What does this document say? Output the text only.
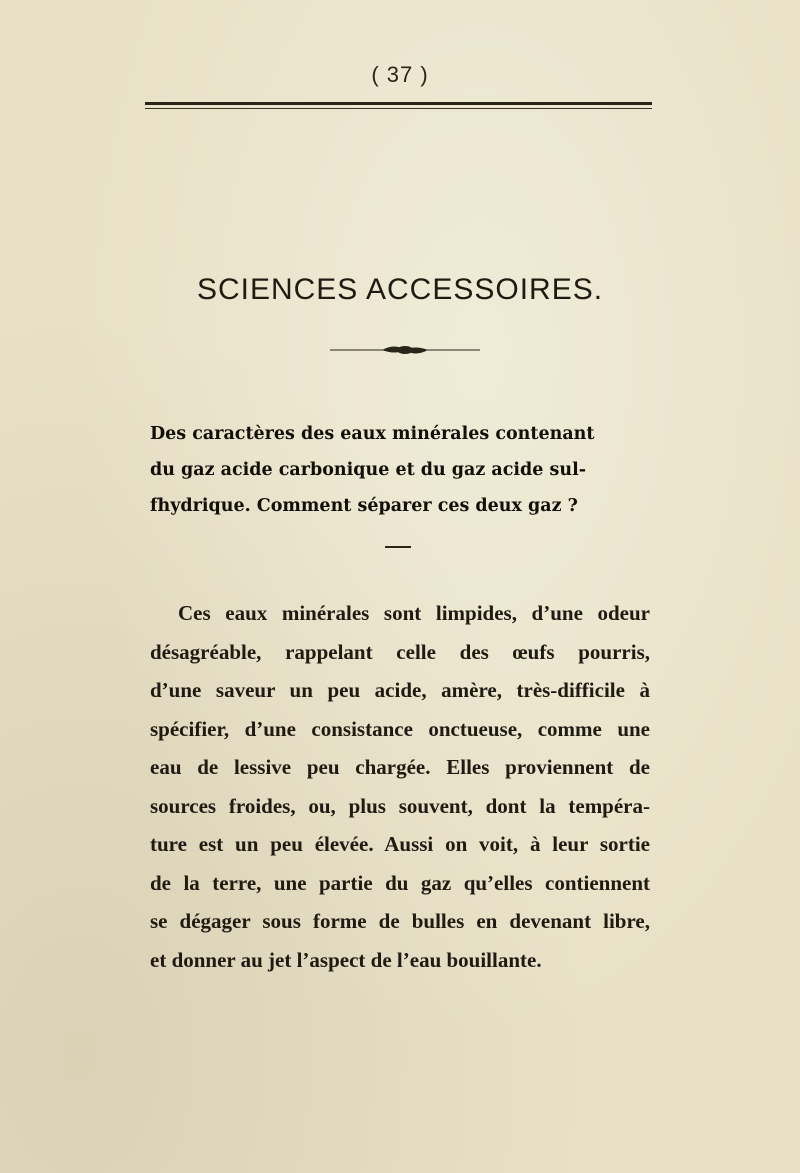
( 37 )
SCIENCES ACCESSOIRES.
Des caractères des eaux minérales contenant
du gaz acide carbonique et du gaz acide sul-
fhydrique. Comment séparer ces deux gaz ?
Ces eaux minérales sont limpides, d’une odeur
désagréable, rappelant celle des œufs pourris,
d’une saveur un peu acide, amère, très-difficile à
spécifier, d’une consistance onctueuse, comme une
eau de lessive peu chargée. Elles proviennent de
sources froides, ou, plus souvent, dont la tempéra-
ture est un peu élevée. Aussi on voit, à leur sortie
de la terre, une partie du gaz qu’elles contiennent
se dégager sous forme de bulles en devenant libre,
et donner au jet l’aspect de l’eau bouillante.
